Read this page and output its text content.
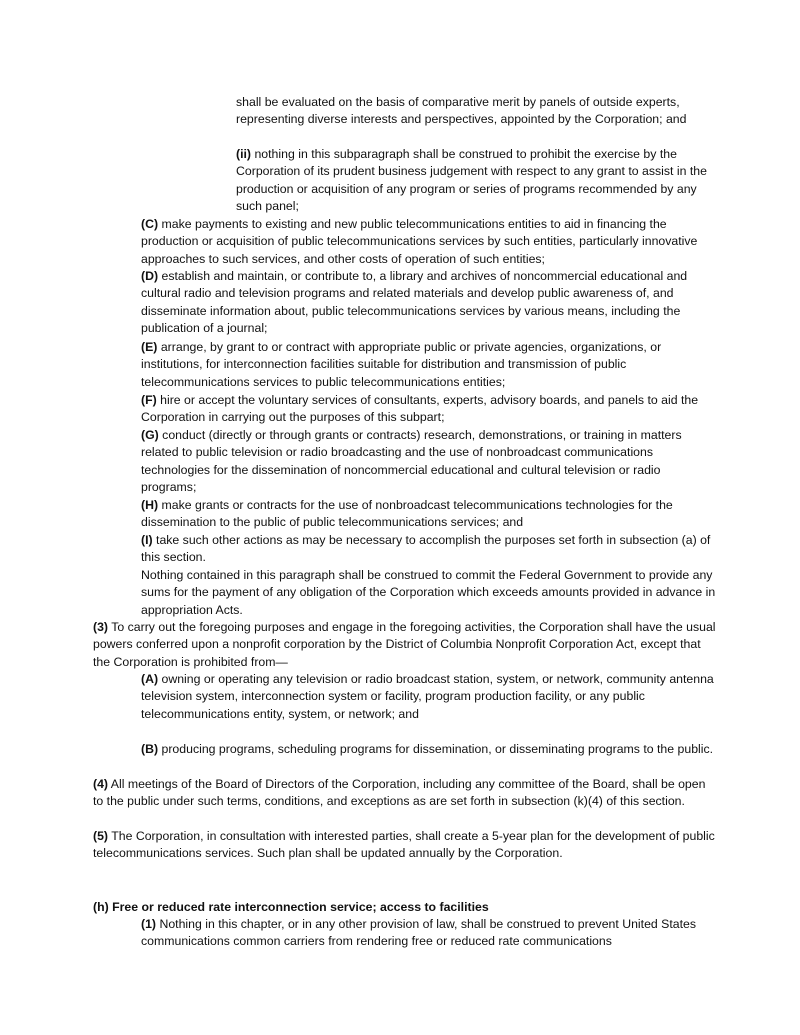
shall be evaluated on the basis of comparative merit by panels of outside experts, representing diverse interests and perspectives, appointed by the Corporation; and

(ii) nothing in this subparagraph shall be construed to prohibit the exercise by the Corporation of its prudent business judgement with respect to any grant to assist in the production or acquisition of any program or series of programs recommended by any such panel;

(C) make payments to existing and new public telecommunications entities to aid in financing the production or acquisition of public telecommunications services by such entities, particularly innovative approaches to such services, and other costs of operation of such entities;

(D) establish and maintain, or contribute to, a library and archives of noncommercial educational and cultural radio and television programs and related materials and develop public awareness of, and disseminate information about, public telecommunications services by various means, including the publication of a journal;

(E) arrange, by grant to or contract with appropriate public or private agencies, organizations, or institutions, for interconnection facilities suitable for distribution and transmission of public telecommunications services to public telecommunications entities;

(F) hire or accept the voluntary services of consultants, experts, advisory boards, and panels to aid the Corporation in carrying out the purposes of this subpart;

(G) conduct (directly or through grants or contracts) research, demonstrations, or training in matters related to public television or radio broadcasting and the use of nonbroadcast communications technologies for the dissemination of noncommercial educational and cultural television or radio programs;

(H) make grants or contracts for the use of nonbroadcast telecommunications technologies for the dissemination to the public of public telecommunications services; and

(I) take such other actions as may be necessary to accomplish the purposes set forth in subsection (a) of this section.

Nothing contained in this paragraph shall be construed to commit the Federal Government to provide any sums for the payment of any obligation of the Corporation which exceeds amounts provided in advance in appropriation Acts.

(3) To carry out the foregoing purposes and engage in the foregoing activities, the Corporation shall have the usual powers conferred upon a nonprofit corporation by the District of Columbia Nonprofit Corporation Act, except that the Corporation is prohibited from—

(A) owning or operating any television or radio broadcast station, system, or network, community antenna television system, interconnection system or facility, program production facility, or any public telecommunications entity, system, or network; and

(B) producing programs, scheduling programs for dissemination, or disseminating programs to the public.

(4) All meetings of the Board of Directors of the Corporation, including any committee of the Board, shall be open to the public under such terms, conditions, and exceptions as are set forth in subsection (k)(4) of this section.

(5) The Corporation, in consultation with interested parties, shall create a 5-year plan for the development of public telecommunications services. Such plan shall be updated annually by the Corporation.

(h) Free or reduced rate interconnection service; access to facilities

(1) Nothing in this chapter, or in any other provision of law, shall be construed to prevent United States communications common carriers from rendering free or reduced rate communications
